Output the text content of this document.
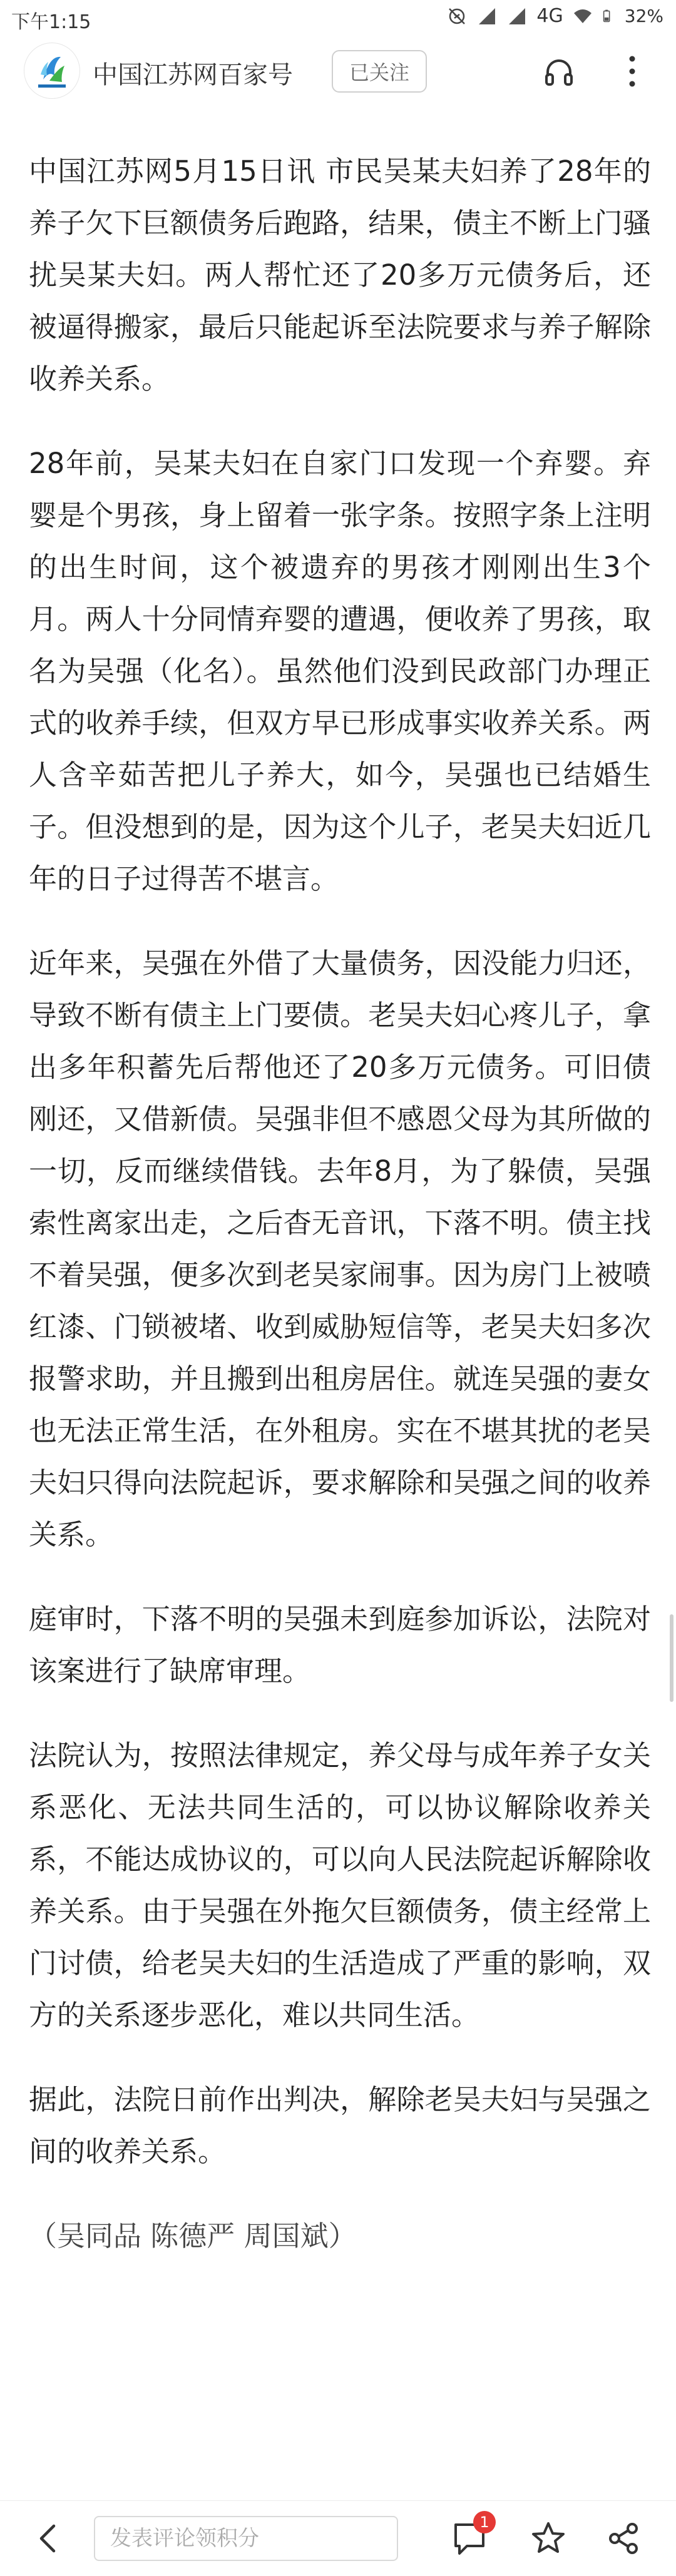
下午1:15	4G	32%
中国江苏网百家号	已关注

中国江苏网5月15日讯 市民吴某夫妇养了28年的养子欠下巨额债务后跑路，结果，债主不断上门骚扰吴某夫妇。两人帮忙还了20多万元债务后，还被逼得搬家，最后只能起诉至法院要求与养子解除收养关系。

28年前，吴某夫妇在自家门口发现一个弃婴。弃婴是个男孩，身上留着一张字条。按照字条上注明的出生时间，这个被遗弃的男孩才刚刚出生3个月。两人十分同情弃婴的遭遇，便收养了男孩，取名为吴强（化名）。虽然他们没到民政部门办理正式的收养手续，但双方早已形成事实收养关系。两人含辛茹苦把儿子养大，如今，吴强也已结婚生子。但没想到的是，因为这个儿子，老吴夫妇近几年的日子过得苦不堪言。

近年来，吴强在外借了大量债务，因没能力归还，导致不断有债主上门要债。老吴夫妇心疼儿子，拿出多年积蓄先后帮他还了20多万元债务。可旧债刚还，又借新债。吴强非但不感恩父母为其所做的一切，反而继续借钱。去年8月，为了躲债，吴强索性离家出走，之后杳无音讯，下落不明。债主找不着吴强，便多次到老吴家闹事。因为房门上被喷红漆、门锁被堵、收到威胁短信等，老吴夫妇多次报警求助，并且搬到出租房居住。就连吴强的妻女也无法正常生活，在外租房。实在不堪其扰的老吴夫妇只得向法院起诉，要求解除和吴强之间的收养关系。

庭审时，下落不明的吴强未到庭参加诉讼，法院对该案进行了缺席审理。

法院认为，按照法律规定，养父母与成年养子女关系恶化、无法共同生活的，可以协议解除收养关系，不能达成协议的，可以向人民法院起诉解除收养关系。由于吴强在外拖欠巨额债务，债主经常上门讨债，给老吴夫妇的生活造成了严重的影响，双方的关系逐步恶化，难以共同生活。

据此，法院日前作出判决，解除老吴夫妇与吴强之间的收养关系。

（吴同品 陈德严 周国斌）

发表评论领积分
1
